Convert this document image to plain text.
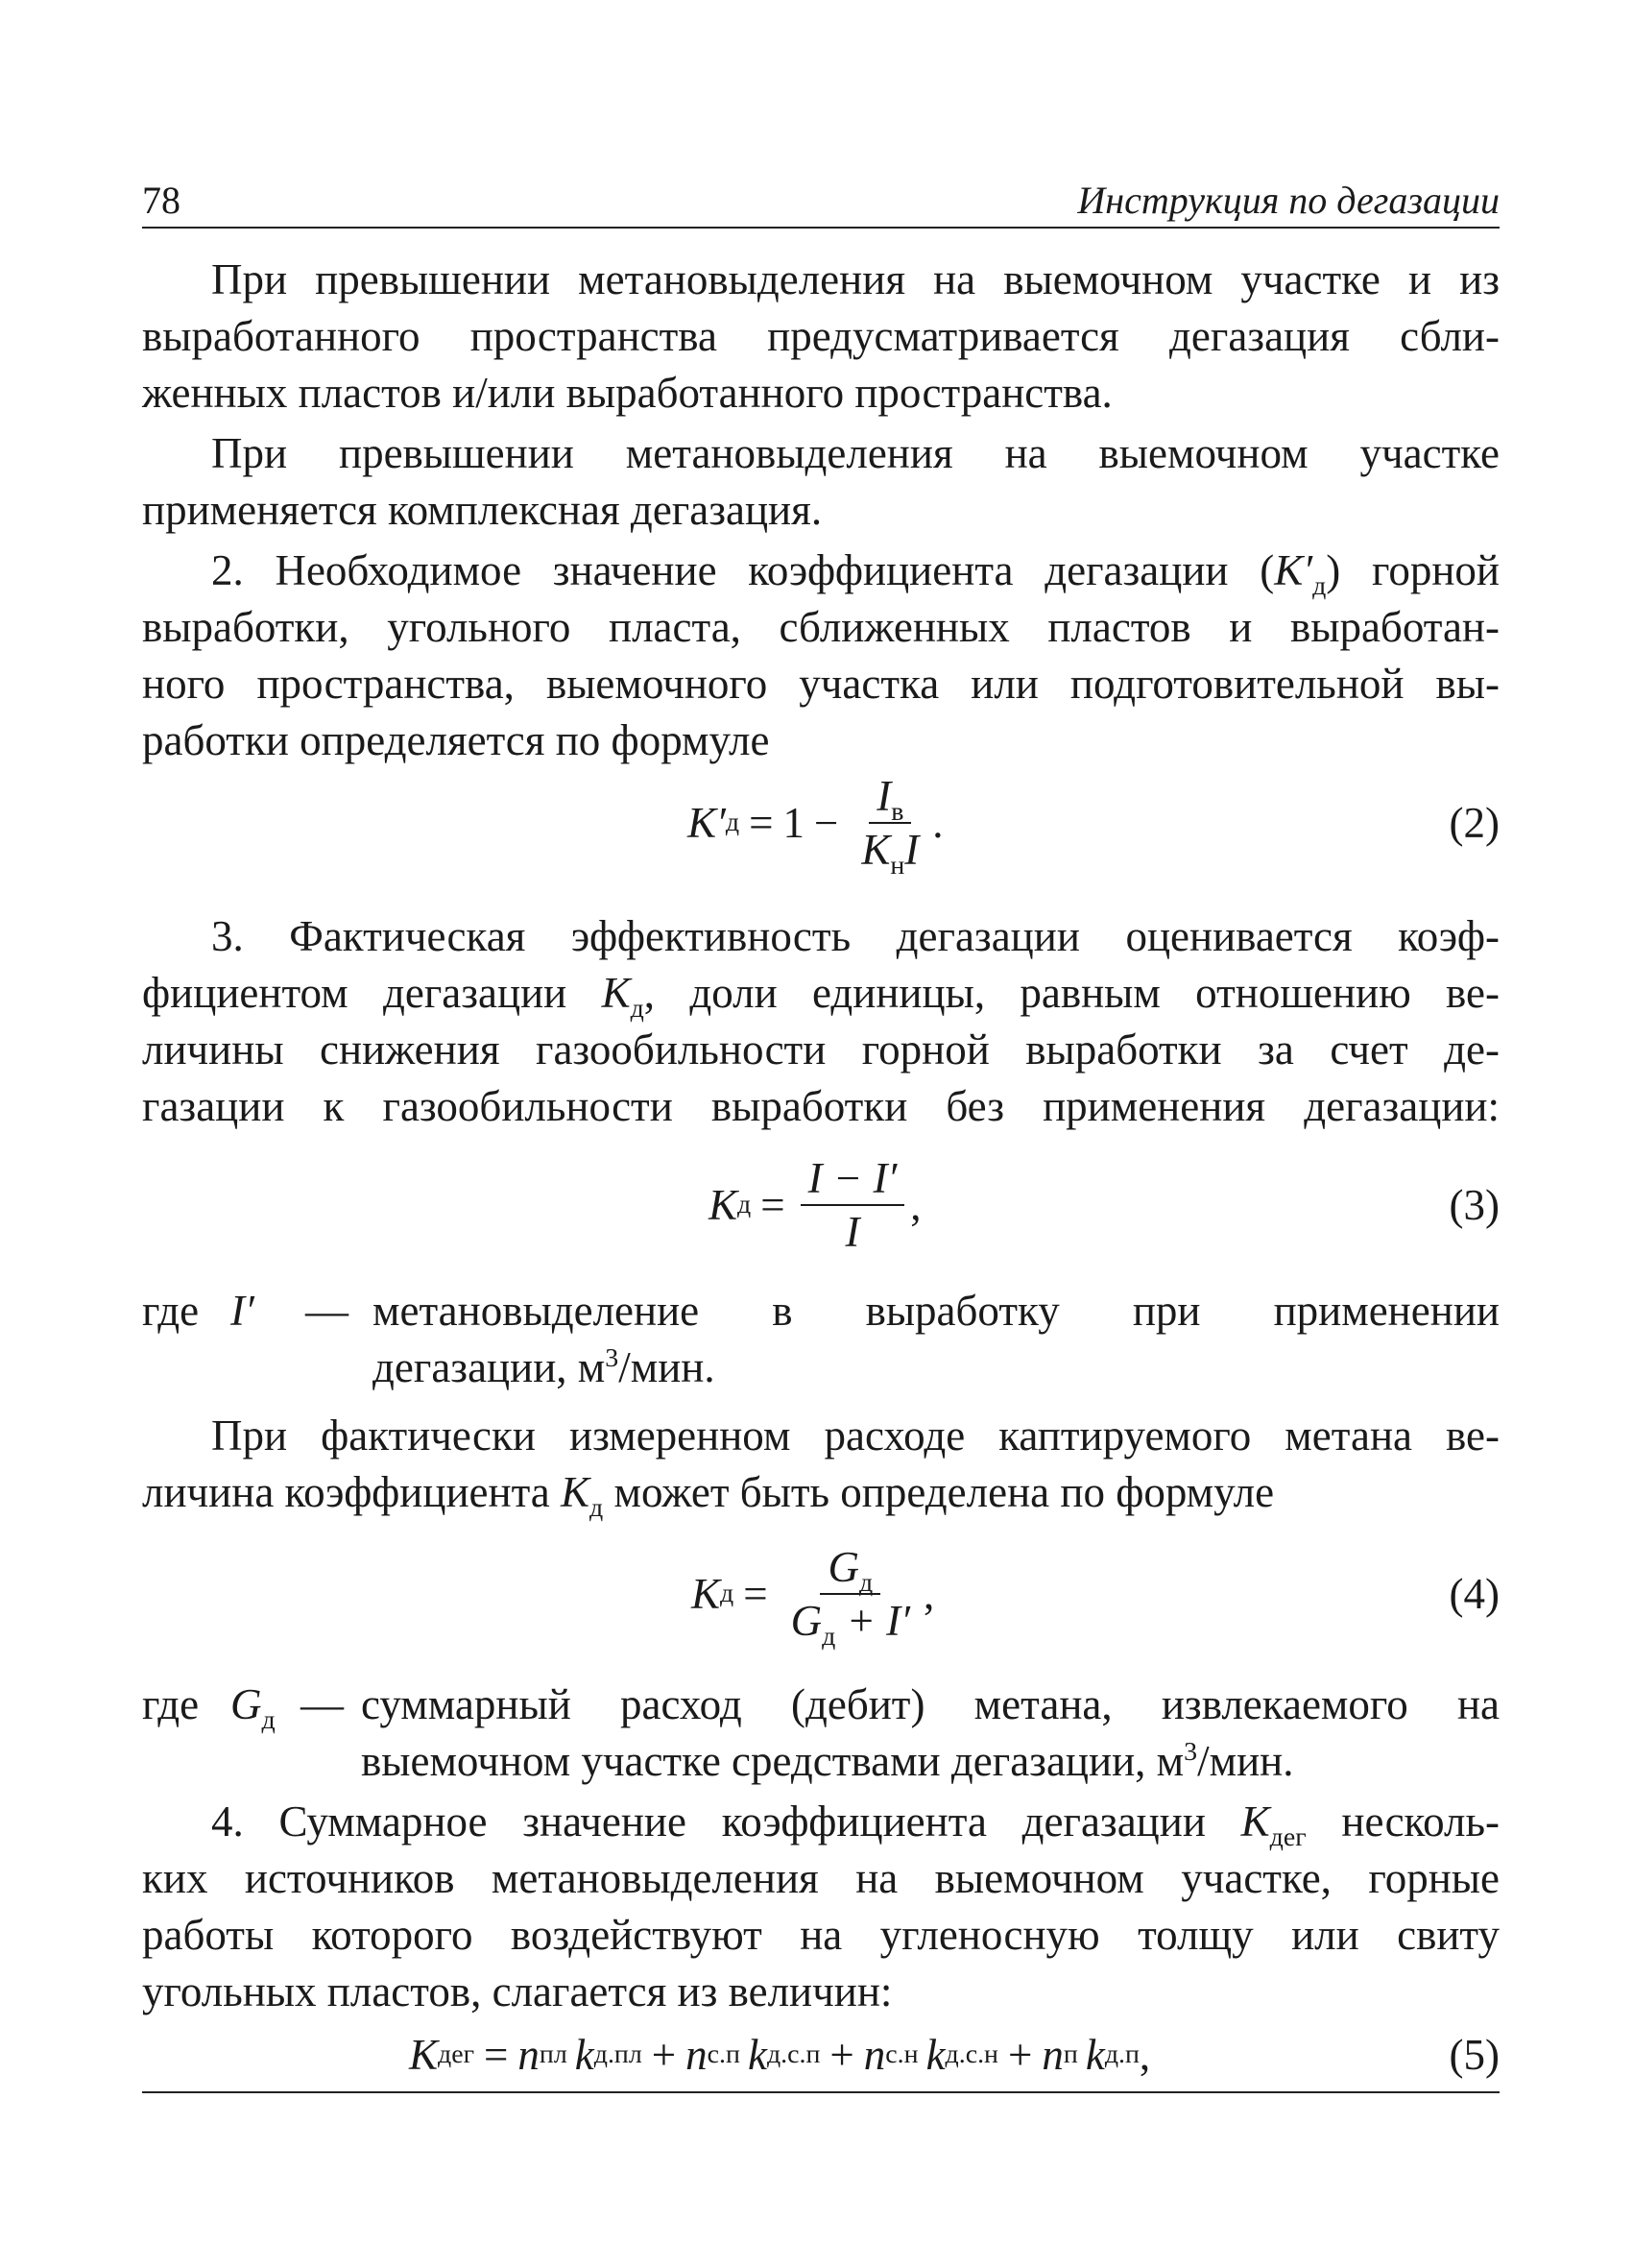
78	Инструкция по дегазации
При превышении метановыделения на выемочном участке и из
выработанного пространства предусматривается дегазация сбли-
женных пластов и/или выработанного пространства.
При превышении метановыделения на выемочном участке
применяется комплексная дегазация.
2. Необходимое значение коэффициента дегазации $(K'_д)$ горной
выработки, угольного пласта, сближенных пластов и выработан-
ного пространства, выемочного участка или подготовительной вы-
работки определяется по формуле
K′ $д = 1 - \frac{I_в}{K_нI}$ .	(2)
3. Фактическая эффективность дегазации оценивается коэф-
фициентом дегазации $K_д$, доли единицы, равным отношению ве-
личины снижения газообильности горной выработки за счет де-
газации к газообильности выработки без применения дегазации:
K $д = \frac{I - I'}{I}$ ,	(3)
где I′ — метановыделение в выработку при применении
дегазации, $м^3$/мин.
При фактически измеренном расходе каптируемого метана ве-
личина коэффициента $K_д$ может быть определена по формуле
K $д = \frac{G_д}{G_д + I'}$ ,	(4)
где $G_д$ — суммарный расход (дебит) метана, извлекаемого на
выемочном участке средствами дегазации, $м^3$/мин.
4. Суммарное значение коэффициента дегазации $K_{дег}$ несколь-
ких источников метановыделения на выемочном участке, горные
работы которого воздействуют на угленосную толщу или свиту
угольных пластов, слагается из величин:
K дег = n пл k д.пл + n с.п k д.с.п + n с.н k д.с.н + n п k д.п ,	(5)
